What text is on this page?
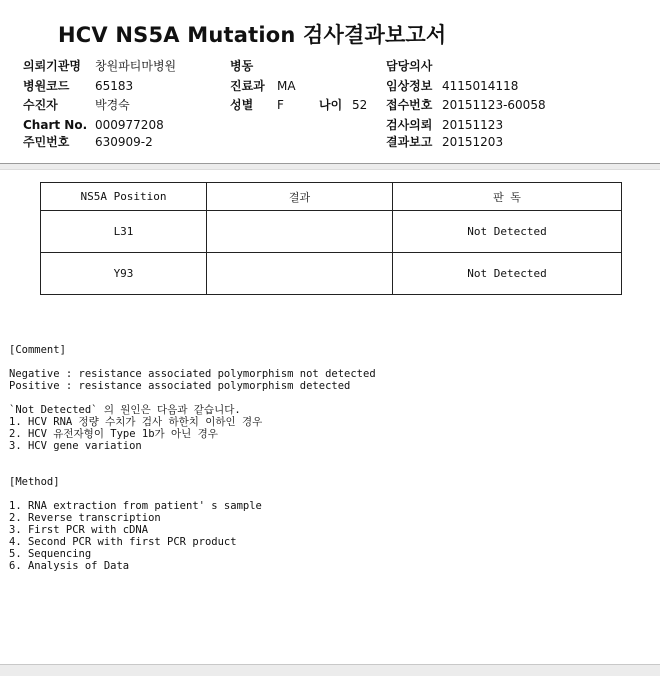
HCV NS5A Mutation 검사결과보고서
의뢰기관명 창원파티마병원
병원코드 65183
수진자	박경숙
Chart No. 000977208
주민번호 630909-2
병동
진료과 MA
성별 F	나이 52
담당의사
임상정보 4115014118
접수번호 20151123-60058
검사의뢰 20151123
결과보고 20151203
NS5A Position	결과	판 독
L31		Not Detected
Y93		Not Detected
[Comment]
Negative : resistance associated polymorphism not detected
Positive : resistance associated polymorphism detected
`Not Detected` 의 원인은 다음과 같습니다.
1. HCV RNA 정량 수치가 검사 하한치 이하인 경우
2. HCV 유전자형이 Type 1b가 아닌 경우
3. HCV gene variation
[Method]
1. RNA extraction from patient' s sample
2. Reverse transcription
3. First PCR with cDNA
4. Second PCR with first PCR product
5. Sequencing
6. Analysis of Data
